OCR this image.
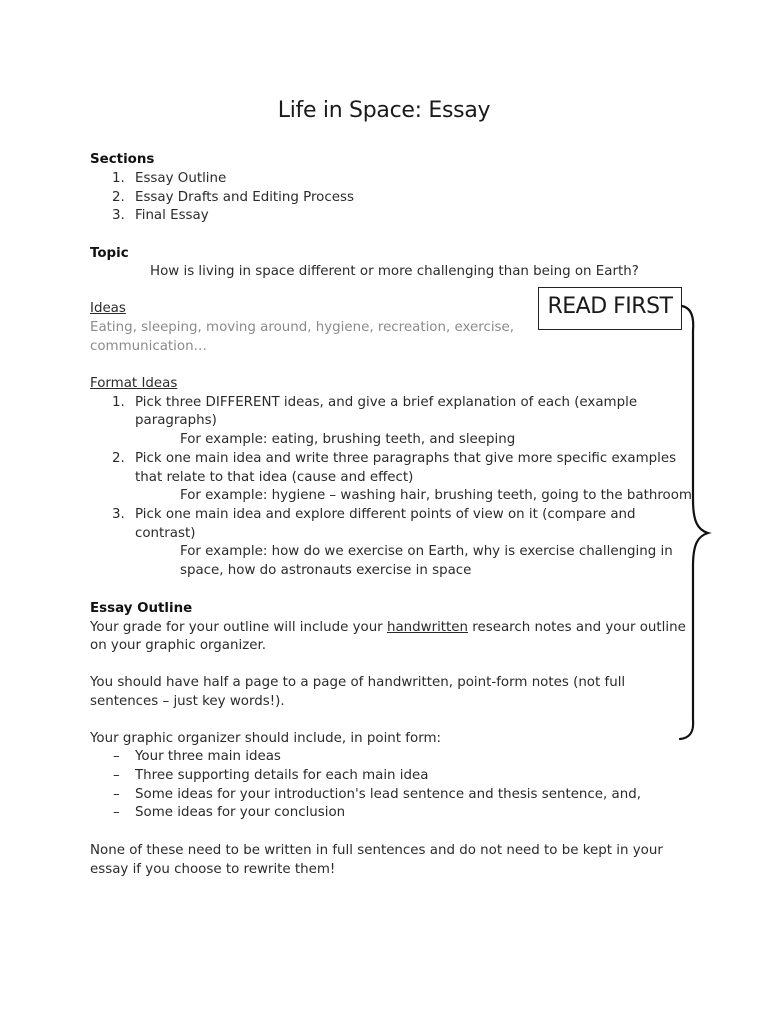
Life in Space: Essay
Sections
1. Essay Outline
2. Essay Drafts and Editing Process
3. Final Essay
Topic
How is living in space different or more challenging than being on Earth?
Ideas
Eating, sleeping, moving around, hygiene, recreation, exercise,
communication…
READ FIRST
Format Ideas
1. Pick three DIFFERENT ideas, and give a brief explanation of each (example
paragraphs)
For example: eating, brushing teeth, and sleeping
2. Pick one main idea and write three paragraphs that give more specific examples
that relate to that idea (cause and effect)
For example: hygiene – washing hair, brushing teeth, going to the bathroom
3. Pick one main idea and explore different points of view on it (compare and
contrast)
For example: how do we exercise on Earth, why is exercise challenging in
space, how do astronauts exercise in space
Essay Outline
Your grade for your outline will include your handwritten research notes and your outline
on your graphic organizer.
You should have half a page to a page of handwritten, point-form notes (not full
sentences – just key words!).
Your graphic organizer should include, in point form:
– Your three main ideas
– Three supporting details for each main idea
– Some ideas for your introduction's lead sentence and thesis sentence, and,
– Some ideas for your conclusion
None of these need to be written in full sentences and do not need to be kept in your
essay if you choose to rewrite them!
